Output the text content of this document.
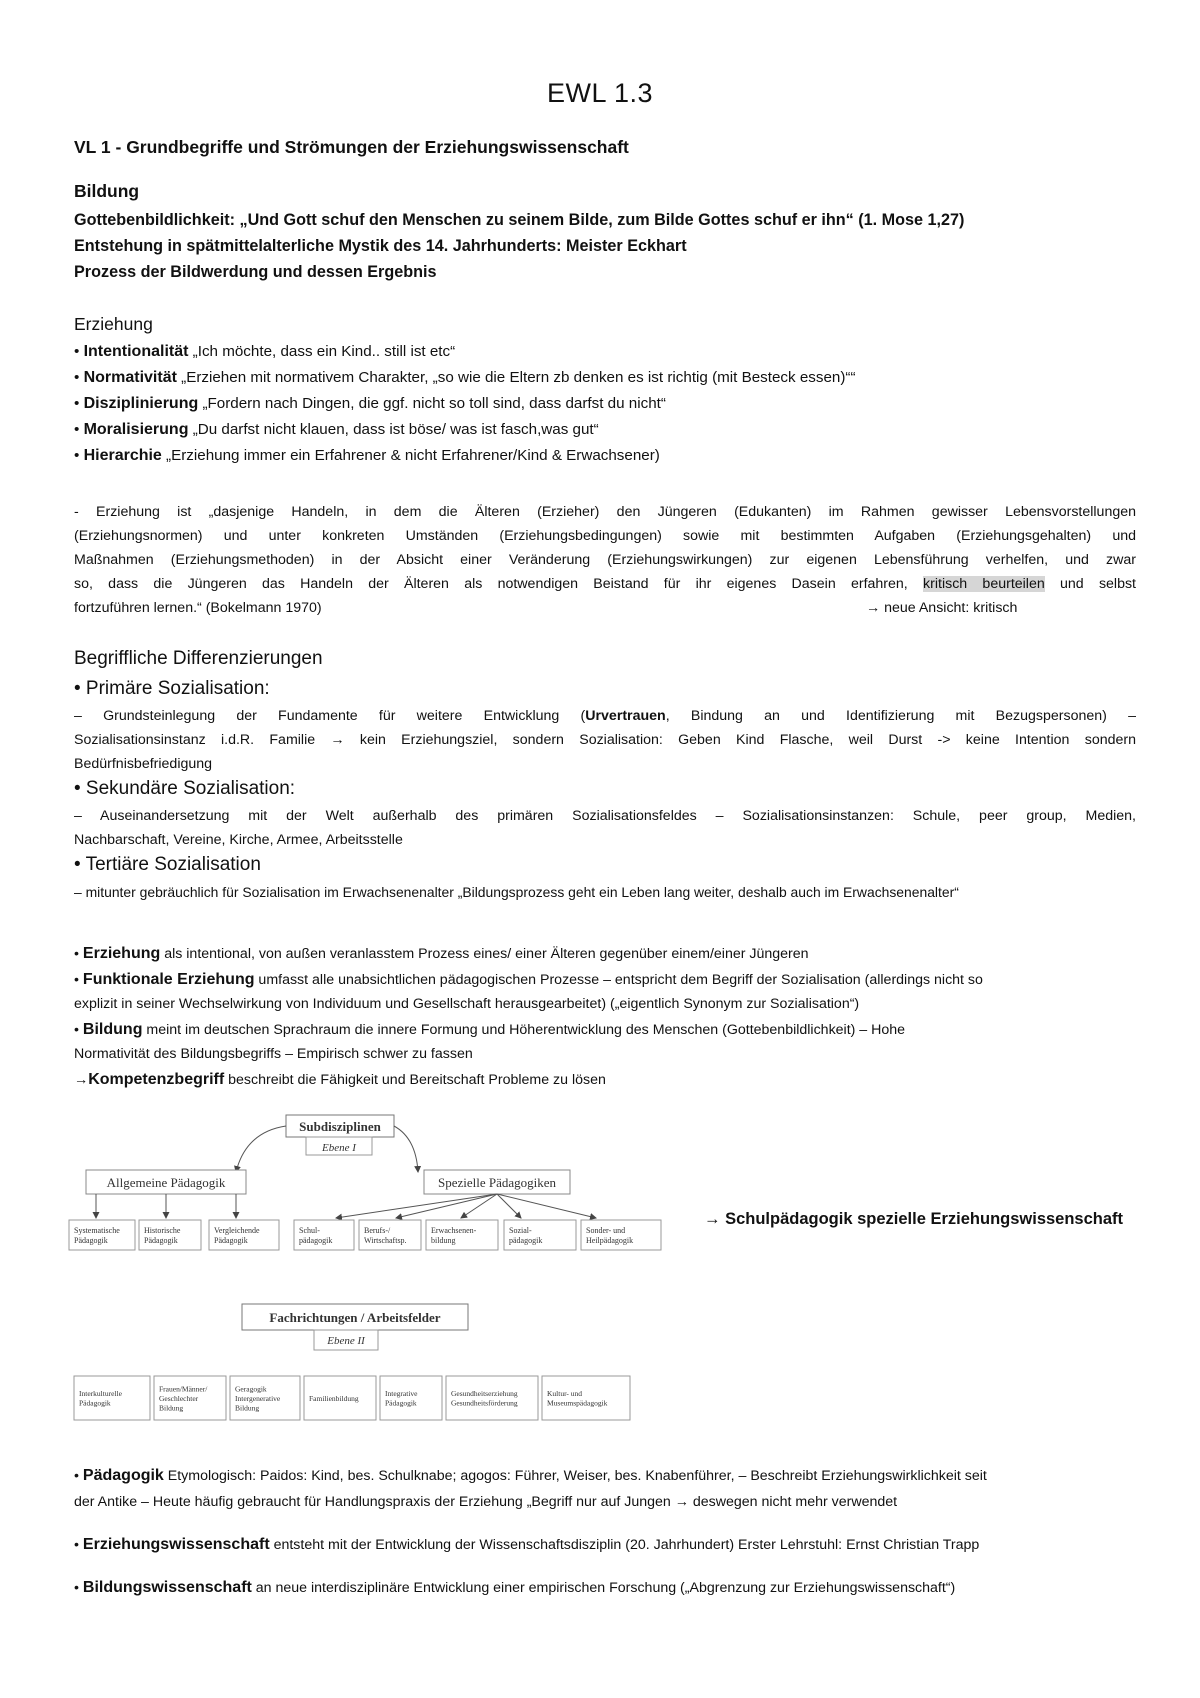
EWL 1.3
VL 1 - Grundbegriffe und Strömungen der Erziehungswissenschaft
Bildung
Gottebenbildlichkeit: „Und Gott schuf den Menschen zu seinem Bilde, zum Bilde Gottes schuf er ihn“ (1. Mose 1,27)
Entstehung in spätmittelalterliche Mystik des 14. Jahrhunderts: Meister Eckhart
Prozess der Bildwerdung und dessen Ergebnis
Erziehung
• Intentionalität „Ich möchte, dass ein Kind.. still ist etc“
• Normativität „Erziehen mit normativem Charakter, „so wie die Eltern zb denken es ist richtig (mit Besteck essen)““
• Disziplinierung „Fordern nach Dingen, die ggf. nicht so toll sind, dass darfst du nicht“
• Moralisierung „Du darfst nicht klauen, dass ist böse/ was ist fasch,was gut“
• Hierarchie „Erziehung immer ein Erfahrener & nicht Erfahrener/Kind & Erwachsener)
- Erziehung ist „dasjenige Handeln, in dem die Älteren (Erzieher) den Jüngeren (Edukanten) im Rahmen gewisser Lebensvorstellungen
(Erziehungsnormen) und unter konkreten Umständen (Erziehungsbedingungen) sowie mit bestimmten Aufgaben (Erziehungsgehalten) und
Maßnahmen (Erziehungsmethoden) in der Absicht einer Veränderung (Erziehungswirkungen) zur eigenen Lebensführung verhelfen, und zwar
so, dass die Jüngeren das Handeln der Älteren als notwendigen Beistand für ihr eigenes Dasein erfahren, kritisch beurteilen und selbst
fortzuführen lernen.“ (Bokelmann 1970)	→ neue Ansicht: kritisch
Begriffliche Differenzierungen
• Primäre Sozialisation:
– Grundsteinlegung der Fundamente für weitere Entwicklung (Urvertrauen, Bindung an und Identifizierung mit Bezugspersonen) –
Sozialisationsinstanz i.d.R. Familie → kein Erziehungsziel, sondern Sozialisation: Geben Kind Flasche, weil Durst -> keine Intention sondern
Bedürfnisbefriedigung
• Sekundäre Sozialisation:
– Auseinandersetzung mit der Welt außerhalb des primären Sozialisationsfeldes – Sozialisationsinstanzen: Schule, peer group, Medien,
Nachbarschaft, Vereine, Kirche, Armee, Arbeitsstelle
• Tertiäre Sozialisation
– mitunter gebräuchlich für Sozialisation im Erwachsenenalter „Bildungsprozess geht ein Leben lang weiter, deshalb auch im Erwachsenenalter“
• Erziehung als intentional, von außen veranlasstem Prozess eines/ einer Älteren gegenüber einem/einer Jüngeren
• Funktionale Erziehung umfasst alle unabsichtlichen pädagogischen Prozesse – entspricht dem Begriff der Sozialisation (allerdings nicht so
explizit in seiner Wechselwirkung von Individuum und Gesellschaft herausgearbeitet) („eigentlich Synonym zur Sozialisation“)
• Bildung meint im deutschen Sprachraum die innere Formung und Höherentwicklung des Menschen (Gottebenbildlichkeit) – Hohe
Normativität des Bildungsbegriffs – Empirisch schwer zu fassen
→Kompetenzbegriff beschreibt die Fähigkeit und Bereitschaft Probleme zu lösen
Subdisziplinen
Ebene I
Allgemeine Pädagogik	Spezielle Pädagogiken
Systematische
Pädagogik
Historische
Pädagogik
Vergleichende
Pädagogik
Schul-
pädagogik
Berufs-/
Wirtschaftsp.
Erwachsenen-
bildung
Sozial-
pädagogik
Sonder- und
Heilpädagogik
→ Schulpädagogik spezielle Erziehungswissenschaft
Fachrichtungen / Arbeitsfelder
Ebene II
Interkulturelle
Pädagogik
Frauen/Männer/
Geschlechter
Bildung
Geragogik
Intergenerative
Bildung
Familienbildung
Integrative
Pädagogik
Gesundheitserziehung
Gesundheitsförderung
Kultur- und
Museumspädagogik
• Pädagogik Etymologisch: Paidos: Kind, bes. Schulknabe; agogos: Führer, Weiser, bes. Knabenführer, – Beschreibt Erziehungswirklichkeit seit
der Antike – Heute häufig gebraucht für Handlungspraxis der Erziehung „Begriff nur auf Jungen → deswegen nicht mehr verwendet
• Erziehungswissenschaft entsteht mit der Entwicklung der Wissenschaftsdisziplin (20. Jahrhundert) Erster Lehrstuhl: Ernst Christian Trapp
• Bildungswissenschaft an neue interdisziplinäre Entwicklung einer empirischen Forschung („Abgrenzung zur Erziehungswissenschaft“)
